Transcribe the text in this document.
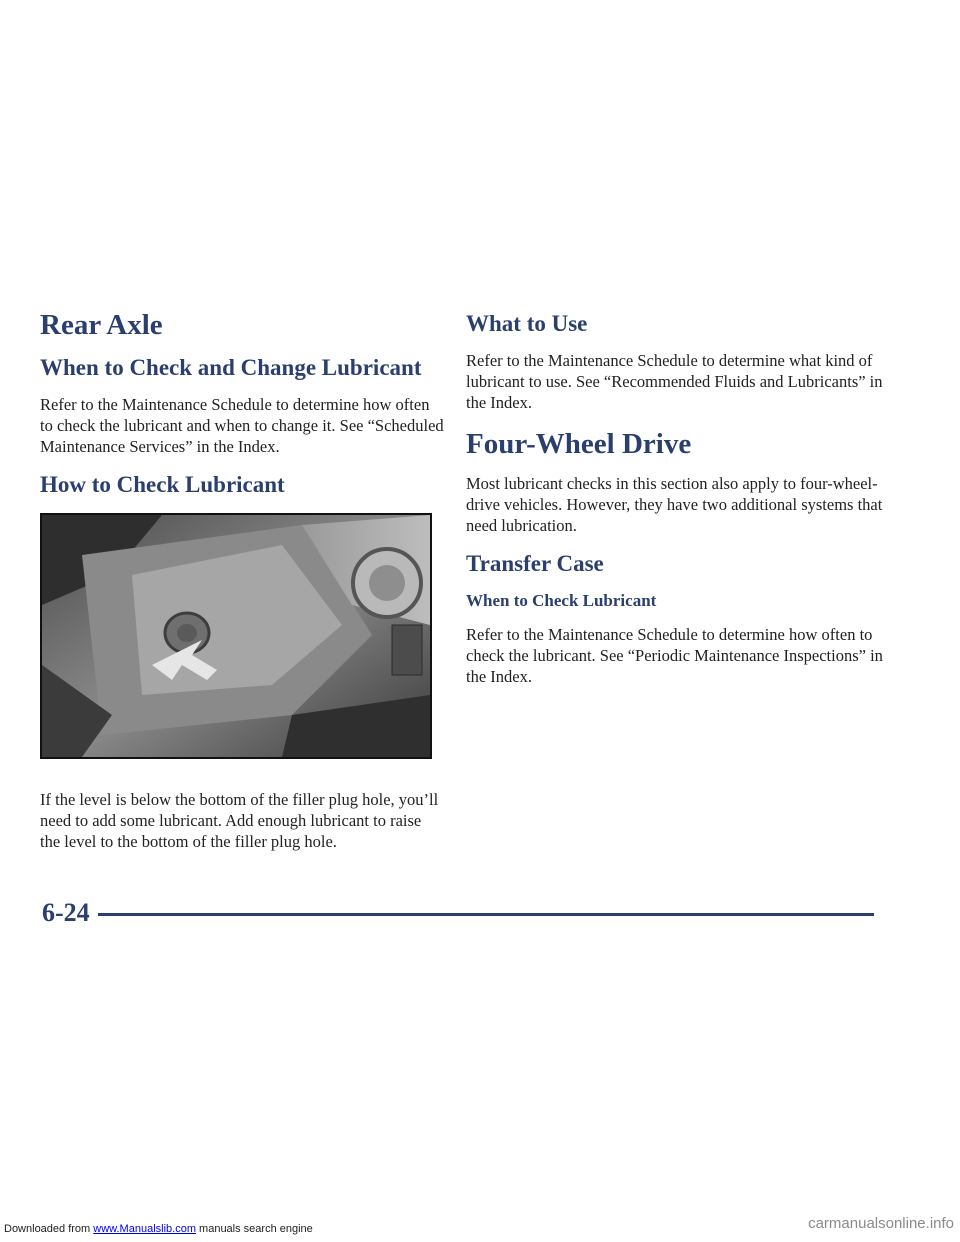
Rear Axle
When to Check and Change Lubricant

Refer to the Maintenance Schedule to determine how often to check the lubricant and when to change it. See “Scheduled Maintenance Services” in the Index.

How to Check Lubricant

If the level is below the bottom of the filler plug hole, you’ll need to add some lubricant. Add enough lubricant to raise the level to the bottom of the filler plug hole.

What to Use

Refer to the Maintenance Schedule to determine what kind of lubricant to use. See “Recommended Fluids and Lubricants” in the Index.

Four-Wheel Drive

Most lubricant checks in this section also apply to four-wheel-drive vehicles. However, they have two additional systems that need lubrication.

Transfer Case
When to Check Lubricant

Refer to the Maintenance Schedule to determine how often to check the lubricant. See “Periodic Maintenance Inspections” in the Index.

6-24
Downloaded from www.Manualslib.com manuals search engine	carmanualsonline.info
